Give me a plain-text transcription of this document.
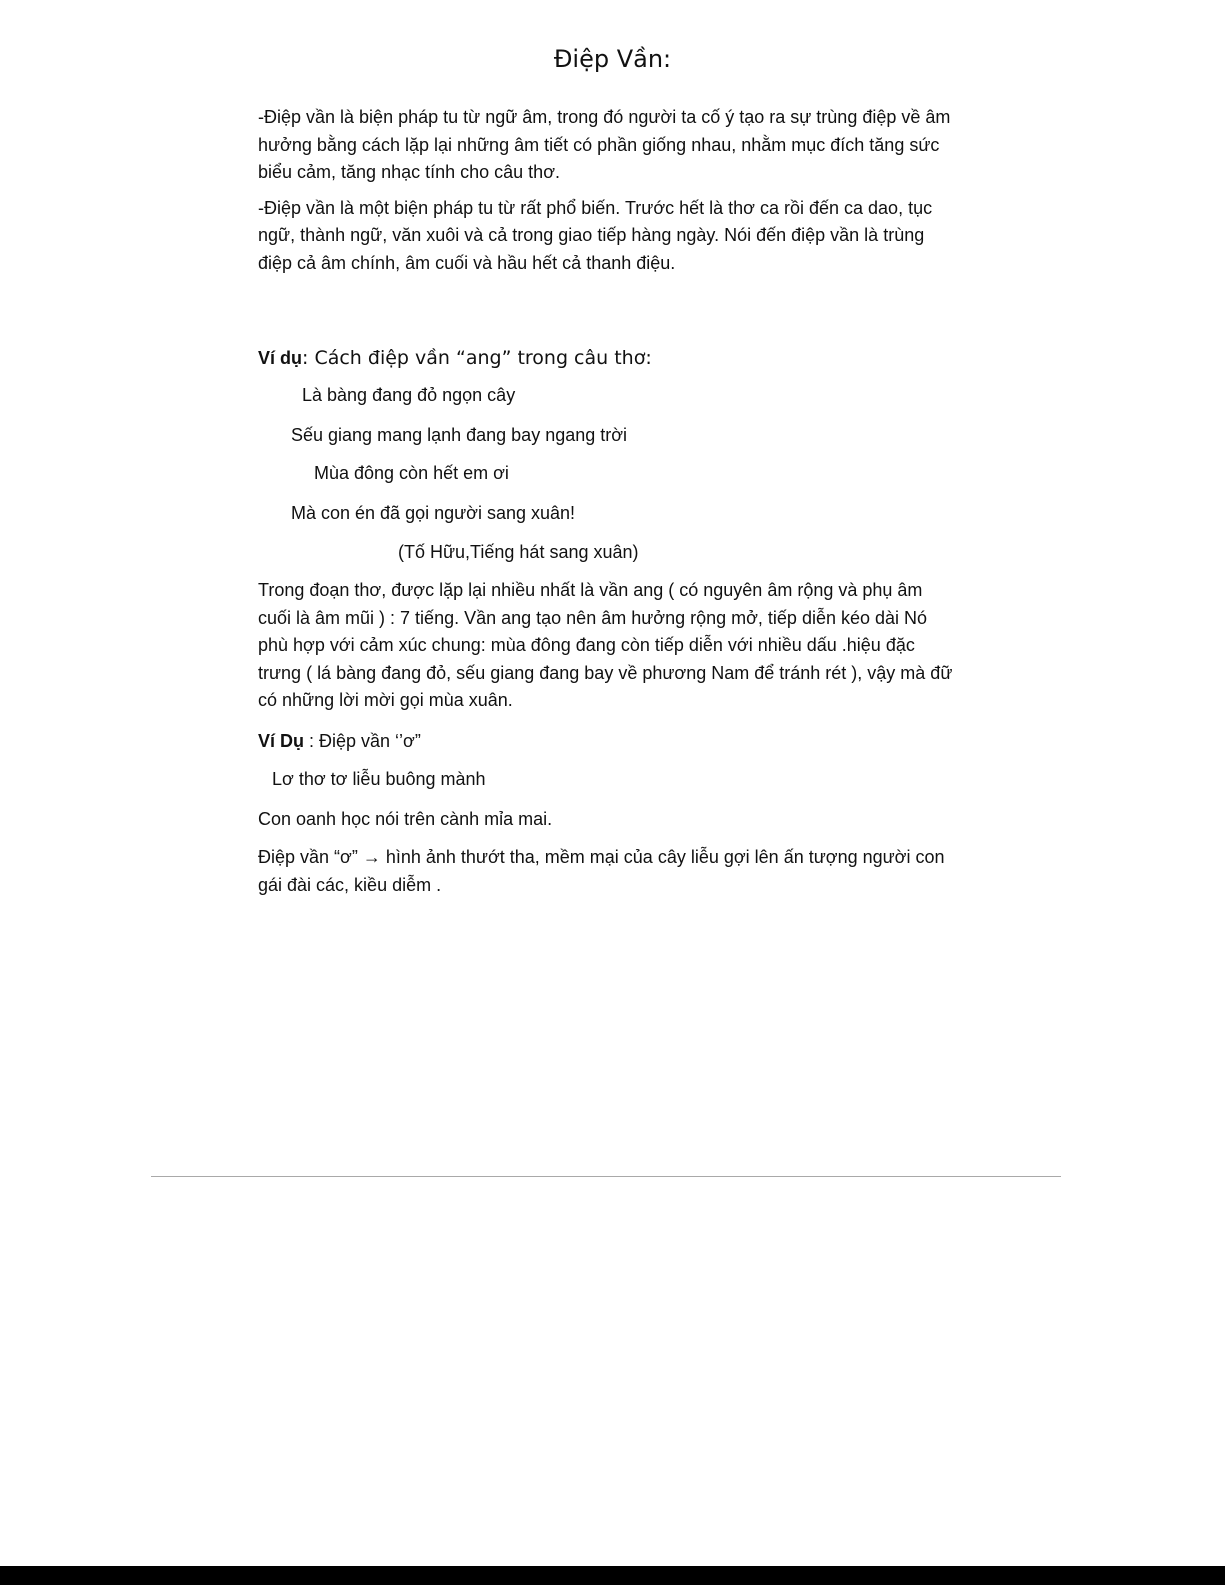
Điệp Vần:

-Điệp vần là biện pháp tu từ ngữ âm, trong đó người ta cố ý tạo ra sự trùng điệp về âm hưởng bằng cách lặp lại những âm tiết có phần giống nhau, nhằm mục đích tăng sức biểu cảm, tăng nhạc tính cho câu thơ.

-Điệp vần là một biện pháp tu từ rất phổ biến. Trước hết là thơ ca rồi đến ca dao, tục ngữ, thành ngữ, văn xuôi và cả trong giao tiếp hàng ngày. Nói đến điệp vần là trùng điệp cả âm chính, âm cuối và hầu hết cả thanh điệu.

Ví dụ: Cách điệp vần “ang” trong câu thơ:
Là bàng đang đỏ ngọn cây
Sếu giang mang lạnh đang bay ngang trời
Mùa đông còn hết em ơi
Mà con én đã gọi người sang xuân!
(Tố Hữu,Tiếng hát sang xuân)
Trong đoạn thơ, được lặp lại nhiều nhất là vần ang ( có nguyên âm rộng và phụ âm cuối là âm mũi ) : 7 tiếng. Vần ang tạo nên âm hưởng rộng mở, tiếp diễn kéo dài Nó phù hợp với cảm xúc chung: mùa đông đang còn tiếp diễn với nhiều dấu .hiệu đặc trưng ( lá bàng đang đỏ, sếu giang đang bay về phương Nam để tránh rét ), vậy mà đữ có những lời mời gọi mùa xuân.
Ví Dụ : Điệp vần ‘’ơ”
Lơ thơ tơ liễu buông mành
Con oanh học nói trên cành mỉa mai.
Điệp vần “ơ” → hình ảnh thướt tha, mềm mại của cây liễu gợi lên ấn tượng người con gái đài các, kiều diễm .
